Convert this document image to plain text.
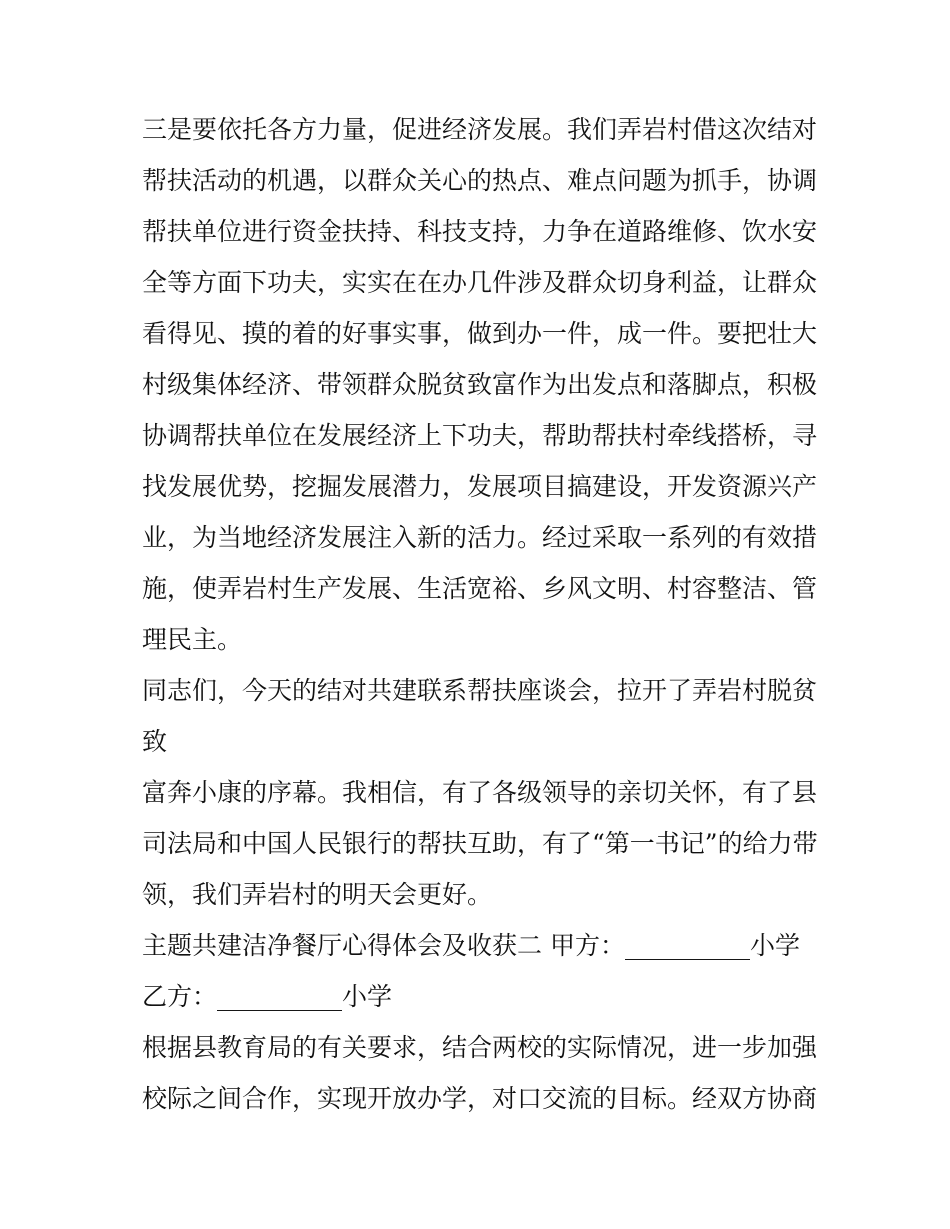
三是要依托各方力量，促进经济发展。我们弄岩村借这次结对
帮扶活动的机遇，以群众关心的热点、难点问题为抓手，协调
帮扶单位进行资金扶持、科技支持，力争在道路维修、饮水安
全等方面下功夫，实实在在办几件涉及群众切身利益，让群众
看得见、摸的着的好事实事，做到办一件，成一件。要把壮大
村级集体经济、带领群众脱贫致富作为出发点和落脚点，积极
协调帮扶单位在发展经济上下功夫，帮助帮扶村牵线搭桥，寻
找发展优势，挖掘发展潜力，发展项目搞建设，开发资源兴产
业，为当地经济发展注入新的活力。经过采取一系列的有效措
施，使弄岩村生产发展、生活宽裕、乡风文明、村容整洁、管
理民主。
同志们，今天的结对共建联系帮扶座谈会，拉开了弄岩村脱贫
致
富奔小康的序幕。我相信，有了各级领导的亲切关怀，有了县
司法局和中国人民银行的帮扶互助，有了“第一书记”的给力带
领，我们弄岩村的明天会更好。
主题共建洁净餐厅心得体会及收获二 甲方：__________小学
乙方：__________小学
根据县教育局的有关要求，结合两校的实际情况，进一步加强
校际之间合作，实现开放办学，对口交流的目标。经双方协商
